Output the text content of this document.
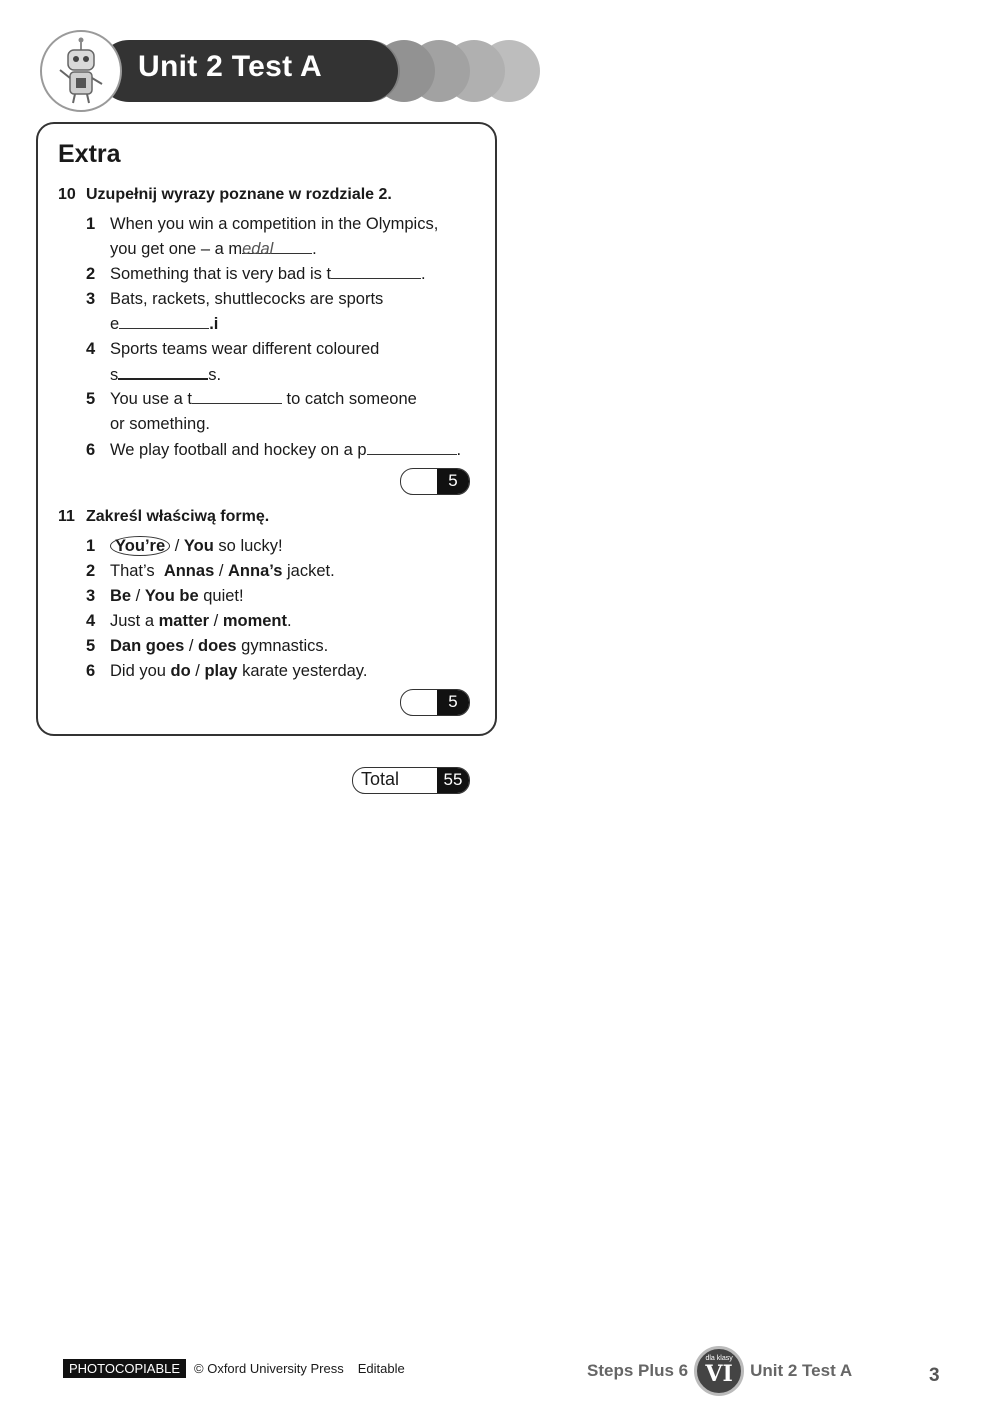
Unit 2 Test A
Extra
10 Uzupełnij wyrazy poznane w rozdziale 2.
1 When you win a competition in the Olympics,
you get one – a medal .
2 Something that is very bad is t	.
3 Bats, rackets, shuttlecocks are sports
e	.i
4 Sports teams wear different coloured
s	s.
5 You use a t	to catch someone
or something.
6 We play football and hockey on a p	.
5
11 Zakreśl właściwą formę.
1	You’re / You so lucky!
2 That’s  Annas / Anna’s jacket.
3 Be / You be quiet!
4 Just a matter / moment.
5 Dan goes / does gymnastics.
6 Did you do / play karate yesterday.
5
Total	55
PHOTOCOPIABLE	© Oxford University Press Editable	Steps Plus 6
dla klasy
VI	Unit 2 Test A	3
